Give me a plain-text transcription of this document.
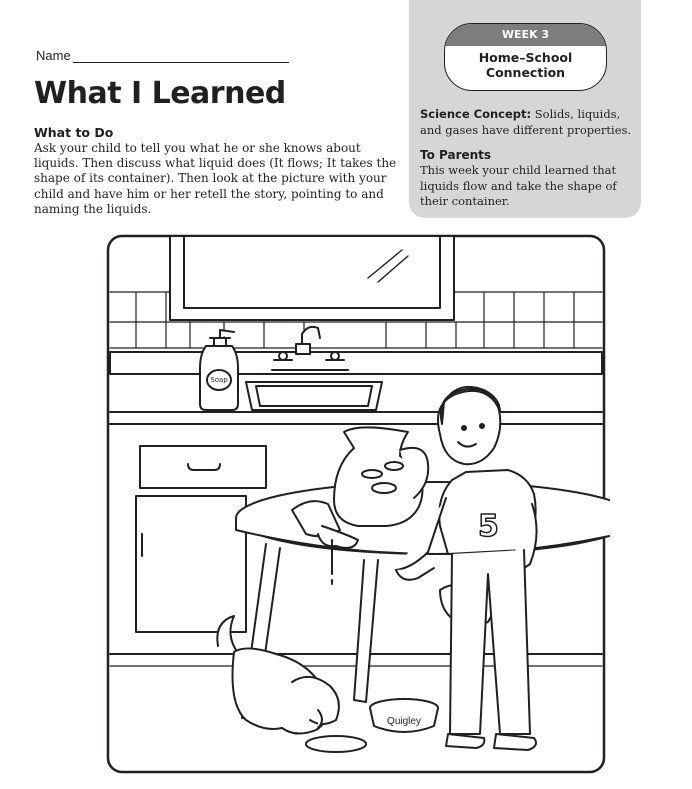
Name
What I Learned
What to Do

Ask your child to tell you what he or she knows about liquids. Then discuss what liquid does (It flows; It takes the shape of its container). Then look at the picture with your child and have him or her retell the story, pointing to and naming the liquids.

WEEK 3
Home–School
Connection

Science Concept: Solids, liquids, and gases have different properties.

To Parents

This week your child learned that liquids flow and take the shape of their container.

Soap
5
Quigley
